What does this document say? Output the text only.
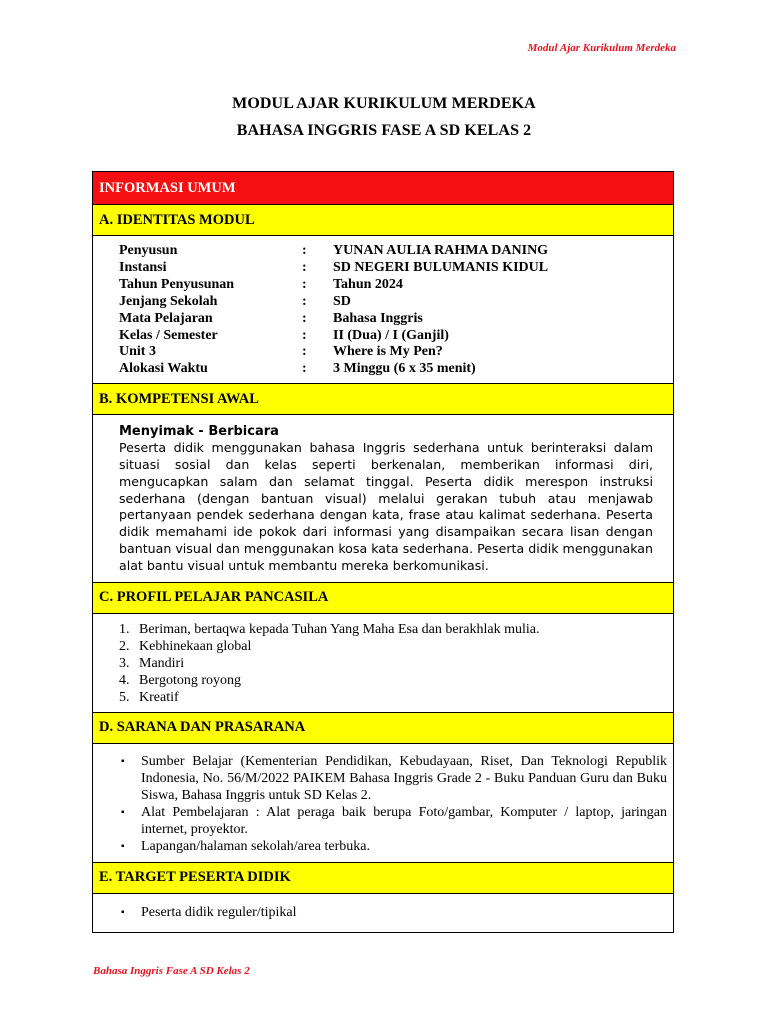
Modul Ajar Kurikulum Merdeka
MODUL AJAR KURIKULUM MERDEKA
BAHASA INGGRIS FASE A SD KELAS 2
INFORMASI UMUM
A. IDENTITAS MODUL
Penyusun	:	YUNAN AULIA RAHMA DANING
Instansi	:	SD NEGERI BULUMANIS KIDUL
Tahun Penyusunan	:	Tahun 2024
Jenjang Sekolah	:	SD
Mata Pelajaran	:	Bahasa Inggris
Kelas / Semester	:	II (Dua) / I (Ganjil)
Unit 3	:	Where is My Pen?
Alokasi Waktu	:	3 Minggu (6 x 35 menit)
B. KOMPETENSI AWAL
Menyimak - Berbicara
Peserta didik menggunakan bahasa Inggris sederhana untuk berinteraksi dalam situasi sosial dan kelas seperti berkenalan, memberikan informasi diri, mengucapkan salam dan selamat tinggal. Peserta didik merespon instruksi sederhana (dengan bantuan visual) melalui gerakan tubuh atau menjawab pertanyaan pendek sederhana dengan kata, frase atau kalimat sederhana. Peserta didik memahami ide pokok dari informasi yang disampaikan secara lisan dengan bantuan visual dan menggunakan kosa kata sederhana. Peserta didik menggunakan alat bantu visual untuk membantu mereka berkomunikasi.
C. PROFIL PELAJAR PANCASILA
1. Beriman, bertaqwa kepada Tuhan Yang Maha Esa dan berakhlak mulia.
2. Kebhinekaan global
3. Mandiri
4. Bergotong royong
5. Kreatif
D. SARANA DAN PRASARANA
▪	Sumber Belajar (Kementerian Pendidikan, Kebudayaan, Riset, Dan Teknologi Republik Indonesia, No. 56/M/2022 PAIKEM Bahasa Inggris Grade 2 - Buku Panduan Guru dan Buku Siswa, Bahasa Inggris untuk SD Kelas 2.
▪	Alat Pembelajaran : Alat peraga baik berupa Foto/gambar, Komputer / laptop, jaringan internet, proyektor.
▪	Lapangan/halaman sekolah/area terbuka.
E. TARGET PESERTA DIDIK
▪	Peserta didik reguler/tipikal
Bahasa Inggris Fase A SD Kelas 2
